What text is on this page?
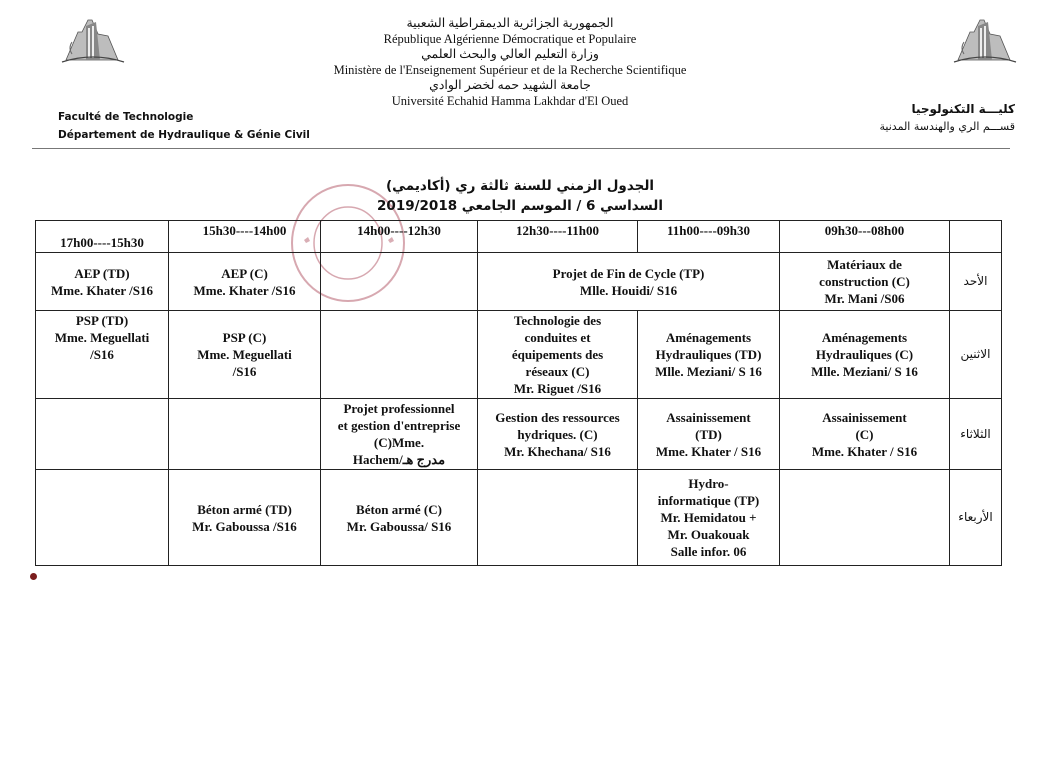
الجمهورية الجزائرية الديمقراطية الشعبية
République Algérienne Démocratique et Populaire
وزارة التعليم العالي والبحث العلمي
Ministère de l'Enseignement Supérieur et de la Recherche Scientifique
جامعة الشهيد حمه لخضر الوادي
Université Echahid Hamma Lakhdar d'El Oued
Faculté de Technologie
Département de Hydraulique & Génie Civil
كليـــة التكنولوجيا
قســـم الري والهندسة المدنية
الجدول الزمني للسنة ثالثة ري (أكاديمي)
السداسي 6 / الموسم الجامعي 2019/2018
17h00----15h30	15h30----14h00	14h00----12h30	12h30----11h00	11h00----09h30	09h30---08h00	
AEP (TD)
Mme. Khater /S16	AEP (C)
Mme. Khater /S16		Projet de Fin de Cycle (TP)
Mlle. Houidi/ S16		Matériaux de
construction (C)
Mr. Mani /S06	الأحد
PSP (TD)
Mme. Meguellati
/S16	PSP (C)
Mme. Meguellati
/S16		Technologie des
conduites et
équipements des
réseaux (C)
Mr. Riguet /S16	Aménagements
Hydrauliques (TD)
Mlle. Meziani/ S 16	Aménagements
Hydrauliques (C)
Mlle. Meziani/ S 16	الاثنين
		Projet professionnel
et gestion d'entreprise
(C)Mme.
Hachem/مدرج هـ	Gestion des ressources
hydriques. (C)
Mr. Khechana/ S16	Assainissement
(TD)
Mme. Khater / S16	Assainissement
(C)
Mme. Khater / S16	الثلاثاء
	Béton armé (TD)
Mr. Gaboussa /S16	Béton armé (C)
Mr. Gaboussa/ S16		Hydro-
informatique (TP)
Mr. Hemidatou +
Mr. Ouakouak
Salle infor. 06		الأربعاء
